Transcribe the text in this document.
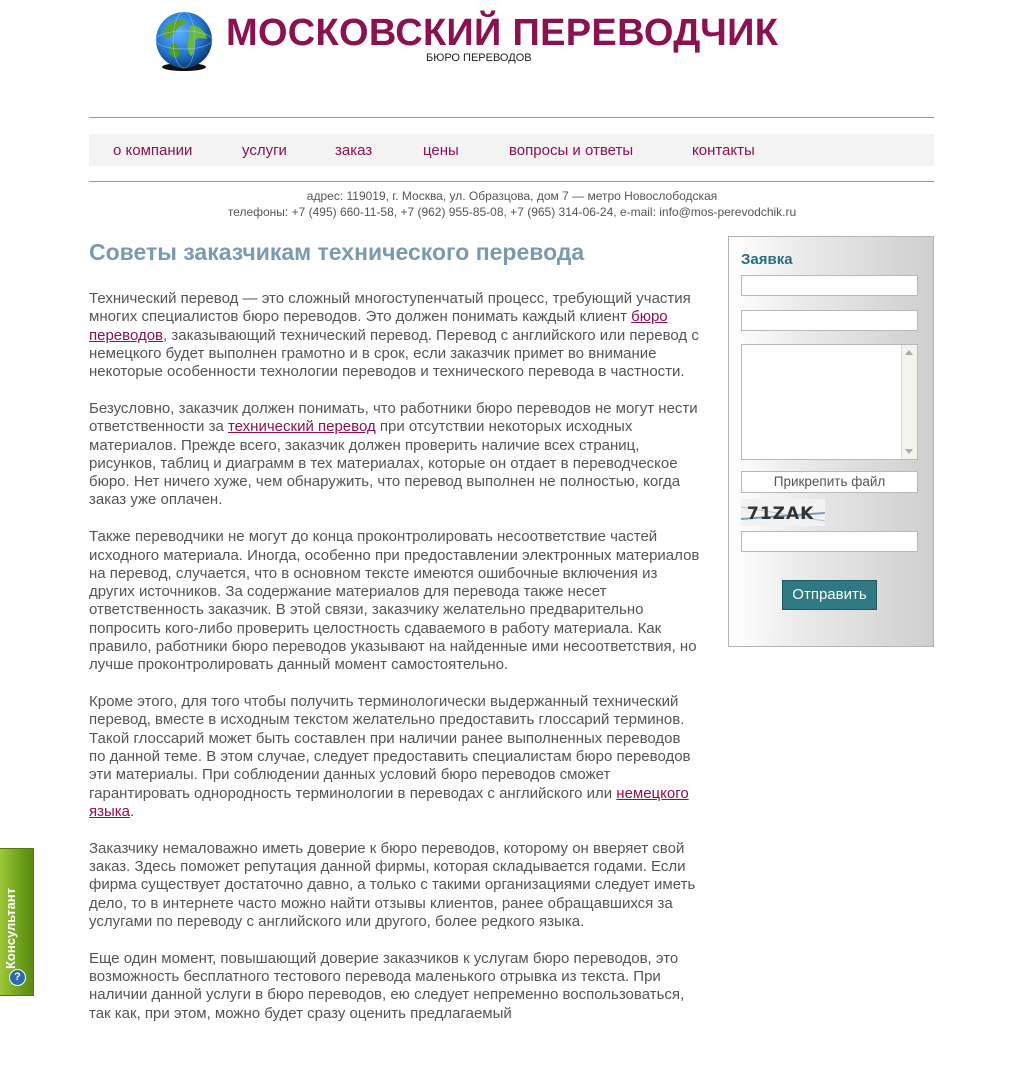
МОСКОВСКИЙ ПЕРЕВОДЧИК
БЮРО ПЕРЕВОДОВ
о компании	услуги	заказ	цены	вопросы и ответы	контакты
адрес: 119019, г. Москва, ул. Образцова, дом 7 — метро Новослободская
телефоны: +7 (495) 660-11-58, +7 (962) 955-85-08, +7 (965) 314-06-24, e-mail: info@mos-perevodchik.ru
Советы заказчикам технического перевода

Технический перевод — это сложный многоступенчатый процесс, требующий участия многих специалистов бюро переводов. Это должен понимать каждый клиент бюро переводов, заказывающий технический перевод. Перевод с английского или перевод с немецкого будет выполнен грамотно и в срок, если заказчик примет во внимание некоторые особенности технологии переводов и технического перевода в частности.

Безусловно, заказчик должен понимать, что работники бюро переводов не могут нести ответственности за технический перевод при отсутствии некоторых исходных материалов. Прежде всего, заказчик должен проверить наличие всех страниц, рисунков, таблиц и диаграмм в тех материалах, которые он отдает в переводческое бюро. Нет ничего хуже, чем обнаружить, что перевод выполнен не полностью, когда заказ уже оплачен.

Также переводчики не могут до конца проконтролировать несоответствие частей исходного материала. Иногда, особенно при предоставлении электронных материалов на перевод, случается, что в основном тексте имеются ошибочные включения из других источников. За содержание материалов для перевода также несет ответственность заказчик. В этой связи, заказчику желательно предварительно попросить кого-либо проверить целостность сдаваемого в работу материала. Как правило, работники бюро переводов указывают на найденные ими несоответствия, но лучше проконтролировать данный момент самостоятельно.

Кроме этого, для того чтобы получить терминологически выдержанный технический перевод, вместе в исходным текстом желательно предоставить глоссарий терминов. Такой глоссарий может быть составлен при наличии ранее выполненных переводов по данной теме. В этом случае, следует предоставить специалистам бюро переводов эти материалы. При соблюдении данных условий бюро переводов сможет гарантировать однородность терминологии в переводах с английского или немецкого языка.

Заказчику немаловажно иметь доверие к бюро переводов, которому он вверяет свой заказ. Здесь поможет репутация данной фирмы, которая складывается годами. Если фирма существует достаточно давно, а только с такими организациями следует иметь дело, то в интернете часто можно найти отзывы клиентов, ранее обращавшихся за услугами по переводу с английского или другого, более редкого языка.

Еще один момент, повышающий доверие заказчиков к услугам бюро переводов, это возможность бесплатного тестового перевода маленького отрывка из текста. При наличии данной услуги в бюро переводов, ею следует непременно воспользоваться, так как, при этом, можно будет сразу оценить предлагаемый

Заявка
Прикрепить файл
71ZAK
Отправить
Консультант
?
